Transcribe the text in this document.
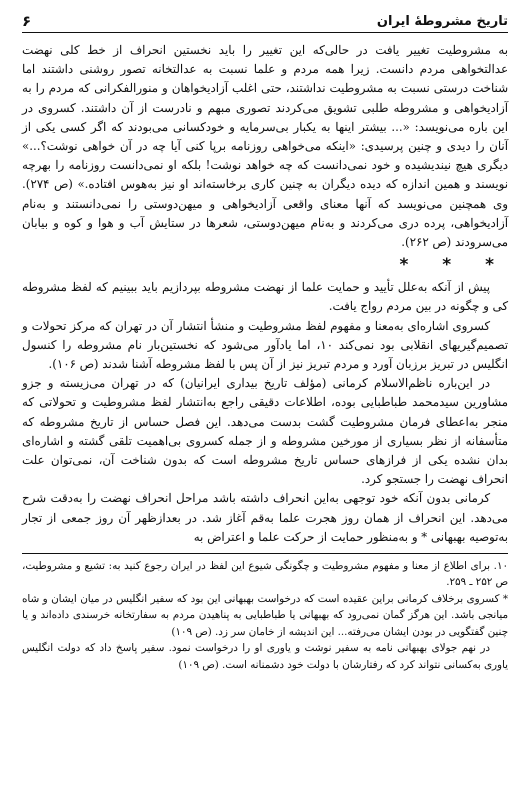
تاریخ مشروطهٔ ایران
۶

به مشروطیت تغییر یافت در حالی‌که این تغییر را باید نخستین انحراف از خط کلی نهضت عدالتخواهی مردم دانست. زیرا همه مردم و علما نسبت به عدالتخانه تصور روشنی داشتند اما شناخت درستی نسبت به مشروطیت نداشتند، حتی اغلب آزادیخواهان و منورالفکرانی که مردم را به آزادیخواهی و مشروطه طلبی تشویق می‌کردند تصوری مبهم و نادرست از آن داشتند. کسروی در این باره می‌نویسد: «... بیشتر اینها به یکبار بی‌سرمایه و خودکسانی می‌بودند که اگر کسی یکی از آنان را دیدی و چنین پرسیدی: «اینکه می‌خواهی روزنامه برپا کنی آیا چه در آن خواهی نوشت؟...» دیگری هیچ نیندیشیده و خود نمی‌دانست که چه خواهد نوشت! بلکه او نمی‌دانست روزنامه را بهرچه نویسند و همین اندازه که دیده دیگران به چنین کاری برخاسته‌اند او نیز به‌هوس افتاده.» (ص ۲۷۴). وی همچنین می‌نویسد که آنها معنای واقعی آزادیخواهی و میهن‌دوستی را نمی‌دانستند و به‌نام آزادیخواهی، پرده دری می‌کردند و به‌نام میهن‌دوستی، شعرها در ستایش آب و هوا و کوه و بیابان می‌سرودند (ص ۲۶۲).

* * *

پیش از آنکه به‌علل تأیید و حمایت علما از نهضت مشروطه بپردازیم باید ببینیم که لفظ مشروطه کی و چگونه در بین مردم رواج یافت.

کسروی اشاره‌ای به‌معنا و مفهوم لفظ مشروطیت و منشأ انتشار آن در تهران که مرکز تحولات و تصمیم‌گیریهای انقلابی بود نمی‌کند ۱۰، اما یادآور می‌شود که نخستین‌بار نام مشروطه را کنسول انگلیس در تبریز برزبان آورد و مردم تبریز نیز از آن پس با لفظ مشروطه آشنا شدند (ص ۱۰۶).

در این‌باره ناظم‌الاسلام کرمانی (مؤلف تاریخ بیداری ایرانیان) که در تهران می‌زیسته و جزو مشاورین سیدمحمد طباطبایی بوده، اطلاعات دقیقی راجع به‌انتشار لفظ مشروطیت و تحولاتی که منجر به‌اعطای فرمان مشروطیت گشت بدست می‌دهد. این فصل حساس از تاریخ مشروطه که متأسفانه از نظر بسیاری از مورخین مشروطه و از جمله کسروی بی‌اهمیت تلقی گشته و اشاره‌ای بدان نشده یکی از فرازهای حساس تاریخ مشروطه است که بدون شناخت آن، نمی‌توان علت انحراف نهضت را جستجو کرد.

کرمانی بدون آنکه خود توجهی به‌این انحراف داشته باشد مراحل انحراف نهضت را به‌دقت شرح می‌دهد. این انحراف از همان روز هجرت علما به‌قم آغاز شد. در بعدازظهر آن روز جمعی از تجار به‌توصیه بهبهانی * و به‌منظور حمایت از حرکت علما و اعتراض به

۱۰. برای اطلاع از معنا و مفهوم مشروطیت و چگونگی شیوع این لفظ در ایران رجوع کنید به: تشیع و مشروطیت، ص ۲۵۲ ـ ۲۵۹.

* کسروی برخلاف کرمانی براین عقیده است که درخواست بهبهانی این بود که سفیر انگلیس در میان ایشان و شاه میانجی باشد. این هرگز گمان نمی‌رود که بهبهانی یا طباطبایی به پناهیدن مردم به سفارتخانه خرسندی داده‌اند و یا چنین گفتگویی در بودن ایشان می‌رفته... این اندیشه از خامان سر زد. (ص ۱۰۹)

در نهم جولای بهبهانی نامه به سفیر نوشت و یاوری او را درخواست نمود. سفیر پاسخ داد که دولت انگلیس یاوری به‌کسانی نتواند کرد که رفتارشان با دولت خود دشمنانه است. (ص ۱۰۹)
